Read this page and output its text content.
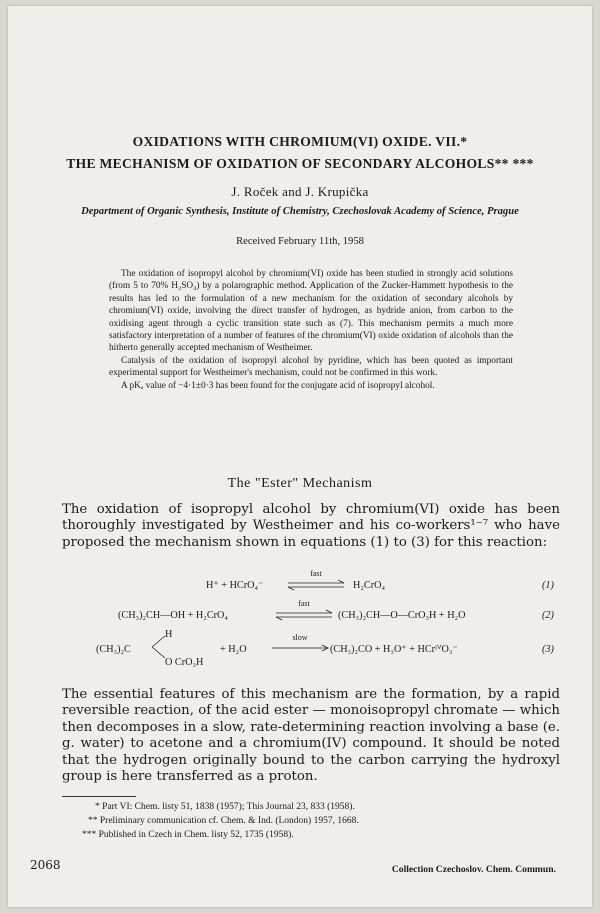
OXIDATIONS WITH CHROMIUM(VI) OXIDE. VII.*
THE MECHANISM OF OXIDATION OF SECONDARY ALCOHOLS** ***
J. Roček and J. Krupička
Department of Organic Synthesis, Institute of Chemistry, Czechoslovak Academy of Science, Prague
Received February 11th, 1958

The oxidation of isopropyl alcohol by chromium(VI) oxide has been studied in strongly acid solutions (from 5 to 70% H₂SO₄) by a polarographic method. Application of the Zucker-Hammett hypothesis to the results has led to the formulation of a new mechanism for the oxidation of secondary alcohols by chromium(VI) oxide, involving the direct transfer of hydrogen, as hydride anion, from carbon to the oxidising agent through a cyclic transition state such as (7). This mechanism permits a much more satisfactory interpretation of a number of features of the chromium(VI) oxide oxidation of alcohols than the hitherto generally accepted mechanism of Westheimer.

Catalysis of the oxidation of isopropyl alcohol by pyridine, which has been quoted as important experimental support for Westheimer's mechanism, could not be confirmed in this work.

A pKₐ value of −4·1±0·3 has been found for the conjugate acid of isopropyl alcohol.

The "Ester" Mechanism

The oxidation of isopropyl alcohol by chromium(VI) oxide has been thoroughly investigated by Westheimer and his co-workers¹⁻⁷ who have proposed the mechanism shown in equations (1) to (3) for this reaction:

H⁺ + HCrO₄⁻
fast
H₂CrO₄	(1)
(CH₃)₂CH—OH + H₂CrO₄
fast
(CH₃)₂CH—O—CrO₃H + H₂O	(2)
(CH₃)₂C
H
O CrO₃H
+ H₂O
slow
(CH₃)₂CO + H₃O⁺ + HCrᴵⱽO₃⁻	(3)

The essential features of this mechanism are the formation, by a rapid reversible reaction, of the acid ester — monoisopropyl chromate — which then decomposes in a slow, rate-determining reaction involving a base (e. g. water) to acetone and a chromium(IV) compound. It should be noted that the hydrogen originally bound to the carbon carrying the hydroxyl group is here transferred as a proton.

* Part VI: Chem. listy 51, 1838 (1957); This Journal 23, 833 (1958).
** Preliminary communication cf. Chem. & Ind. (London) 1957, 1668.
*** Published in Czech in Chem. listy 52, 1735 (1958).
2068	Collection Czechoslov. Chem. Commun.
